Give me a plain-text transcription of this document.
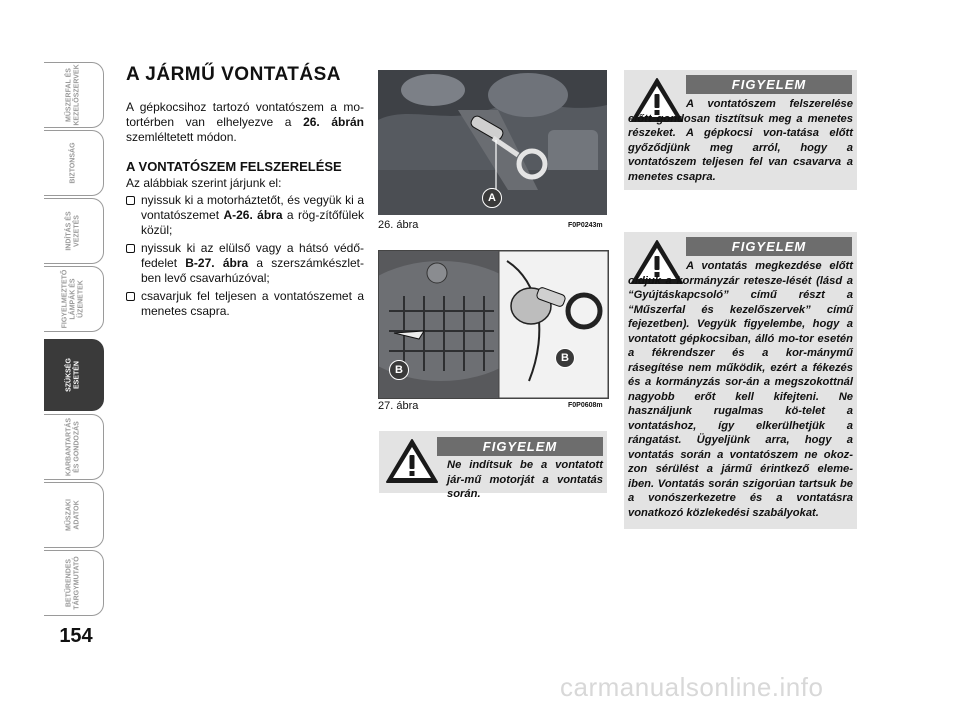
MŰSZERFAL ÉS
KEZELŐSZERVEK
BIZTONSÁG
INDÍTÁS ÉS
VEZETÉS
FIGYELMEZTETŐ
LÁMPÁK ÉS
ÜZENETEK
SZÜKSÉG
ESETÉN
KARBANTARTÁS
ÉS GONDOZÁS
MŰSZAKI
ADATOK
BETŰRENDES
TÁRGYMUTATÓ
154
A JÁRMŰ VONTATÁSA

A gépkocsihoz tartozó vontatószem a mo-tortérben van elhelyezve a 26. ábrán szemléltetett módon.

A VONTATÓSZEM FELSZERELÉSE

Az alábbiak szerint járjunk el:

nyissuk ki a motorháztetőt, és vegyük ki a vontatószemet A-26. ábra a rög-zítőfülek közül;
nyissuk ki az elülső vagy a hátsó védő-fedelet B-27. ábra a szerszámkészlet-ben levő csavarhúzóval;
csavarjuk fel teljesen a vontatószemet a menetes csapra.
A
26. ábra	F0P0243m
B
B
27. ábra	F0P0608m
FIGYELEM
Ne indítsuk be a vontatott jár-mű motorját a vontatás során.
FIGYELEM
A vontatószem felszerelése előtt gondosan tisztítsuk meg a menetes részeket. A gépkocsi von-tatása előtt győződjünk meg arról, hogy a vontatószem teljesen fel van csavarva a menetes csapra.
FIGYELEM
A vontatás megkezdése előtt oldjuk a kormányzár retesze-lését (lásd a “Gyújtáskapcsoló” című részt a “Műszerfal és kezelőszervek” című fejezetben). Vegyük figyelembe, hogy a vontatott gépkocsiban, álló mo-tor esetén a fékrendszer és a kor-mánymű rásegítése nem működik, ezért a fékezés és a kormányzás sor-án a megszokottnál nagyobb erőt kell kifejteni. Ne használjunk rugalmas kö-telet a vontatáshoz, így elkerülhetjük a rángatást. Ügyeljünk arra, hogy a vontatás során a vontatószem ne okoz-zon sérülést a jármű érintkező eleme-iben. Vontatás során szigorúan tartsuk be a vonószerkezetre és a vontatásra vonatkozó közlekedési szabályokat.
carmanualsonline.info
